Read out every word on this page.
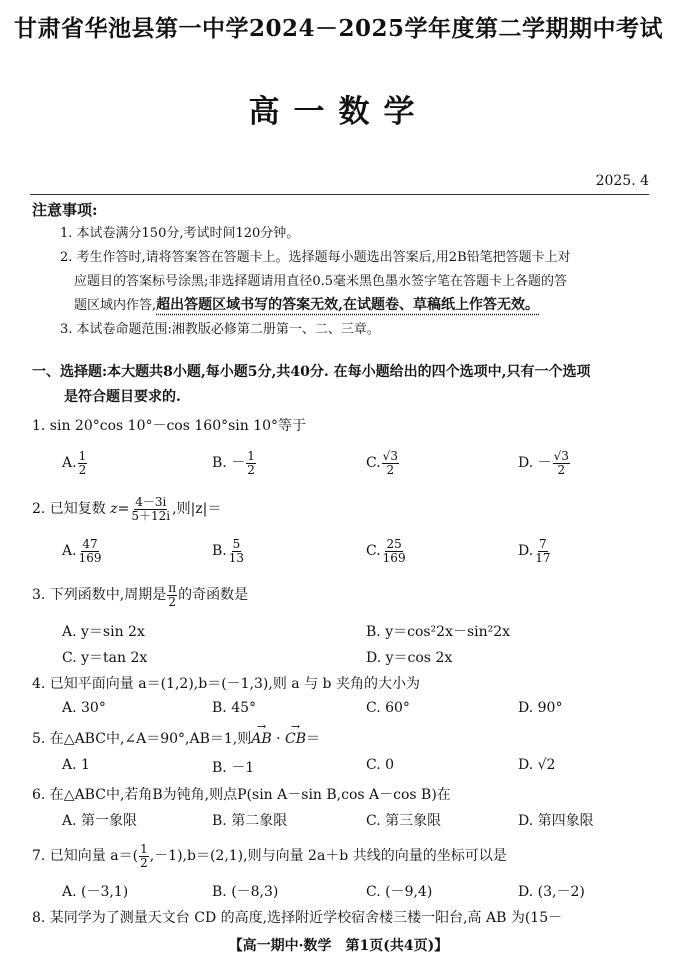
甘肃省华池县第一中学2024－2025学年度第二学期期中考试
高一数学
2025. 4
注意事项:
1. 本试卷满分150分,考试时间120分钟。
2. 考生作答时,请将答案答在答题卡上。选择题每小题选出答案后,用2B铅笔把答题卡上对
应题目的答案标号涂黑;非选择题请用直径0.5毫米黑色墨水签字笔在答题卡上各题的答
题区域内作答,超出答题区域书写的答案无效,在试题卷、草稿纸上作答无效。
3. 本试卷命题范围:湘教版必修第二册第一、二、三章。
一、选择题:本大题共8小题,每小题5分,共40分. 在每小题给出的四个选项中,只有一个选项
是符合题目要求的.
1. sin 20°cos 10°－cos 160°sin 10°等于
A. $\frac{1}{2}$	B. － $\frac{1}{2}$	C. $\frac{√3}{2}$	D. － $\frac{√3}{2}$
2. 已知复数 $z= \frac{4-3i}{5+12i}$ ,则|z|＝
A. $\frac{47}{169}$	B. $\frac{5}{13}$	C. $\frac{25}{169}$	D. $\frac{7}{17}$
3. 下列函数中,周期是 $\frac{\pi}{2}$ 的奇函数是
A. y＝sin 2x	B. y＝cos²2x－sin²2x
C. y＝tan 2x	D. y＝cos 2x
4. 已知平面向量 a＝(1,2),b＝(－1,3),则 a 与 b 夹角的大小为
A. 30°	B. 45°	C. 60°	D. 90°
5. 在△ABC中,∠A＝90°,AB＝1,则→ AB · → CB＝
A. 1	B. －1	C. 0	D. √2
6. 在△ABC中,若角B为钝角,则点P(sin A－sin B,cos A－cos B)在
A. 第一象限	B. 第二象限	C. 第三象限	D. 第四象限
7. 已知向量 $a=( \frac{1}{2} ,-1),b=(2,1)$,则与向量 2a＋b 共线的向量的坐标可以是
A. (－3,1)	B. (－8,3)	C. (－9,4)	D. (3,－2)
8. 某同学为了测量天文台 CD 的高度,选择附近学校宿舍楼三楼一阳台,高 AB 为(15－
【高一期中·数学　第1页(共4页)】
